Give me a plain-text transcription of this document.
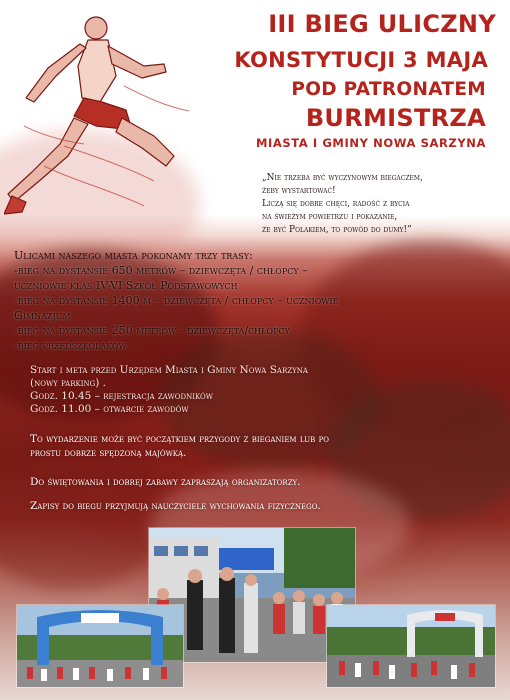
III BIEG ULICZNY
KONSTYTUCJI 3 MAJA
POD PATRONATEM
BURMISTRZA
MIASTA I GMINY NOWA SARZYNA
„Nie trzeba być wyczynowym biegaczem,
żeby wystartować!
Liczą się dobre chęci, radość z bycia
na świeżym powietrzu i pokazanie,
że być Polakiem, to powód do dumy!”
Ulicami naszego miasta pokonamy trzy trasy:
-bieg na dystansie 650 metrów – dziewczęta / chłopcy –
uczniowie klas IV-VI Szkół Podstawowych
-bieg na dystansie 1400 m – dziewczęta / chłopcy – uczniowie
Gimnazjum
-bieg na dystansie 250 metrów - dziewczęta/chłopcy
-bieg przedszkolaków
Start i meta przed Urzędem Miasta i Gminy Nowa Sarzyna
(nowy parking) .
Godz. 10.45 – rejestracja zawodników
Godz. 11.00 – otwarcie zawodów
To wydarzenie może być początkiem przygody z bieganiem lub po
prostu dobrze spędzoną majówką.
Do świętowania i dobrej zabawy zapraszają organizatorzy.
Zapisy do biegu przyjmują nauczyciele wychowania fizycznego.
